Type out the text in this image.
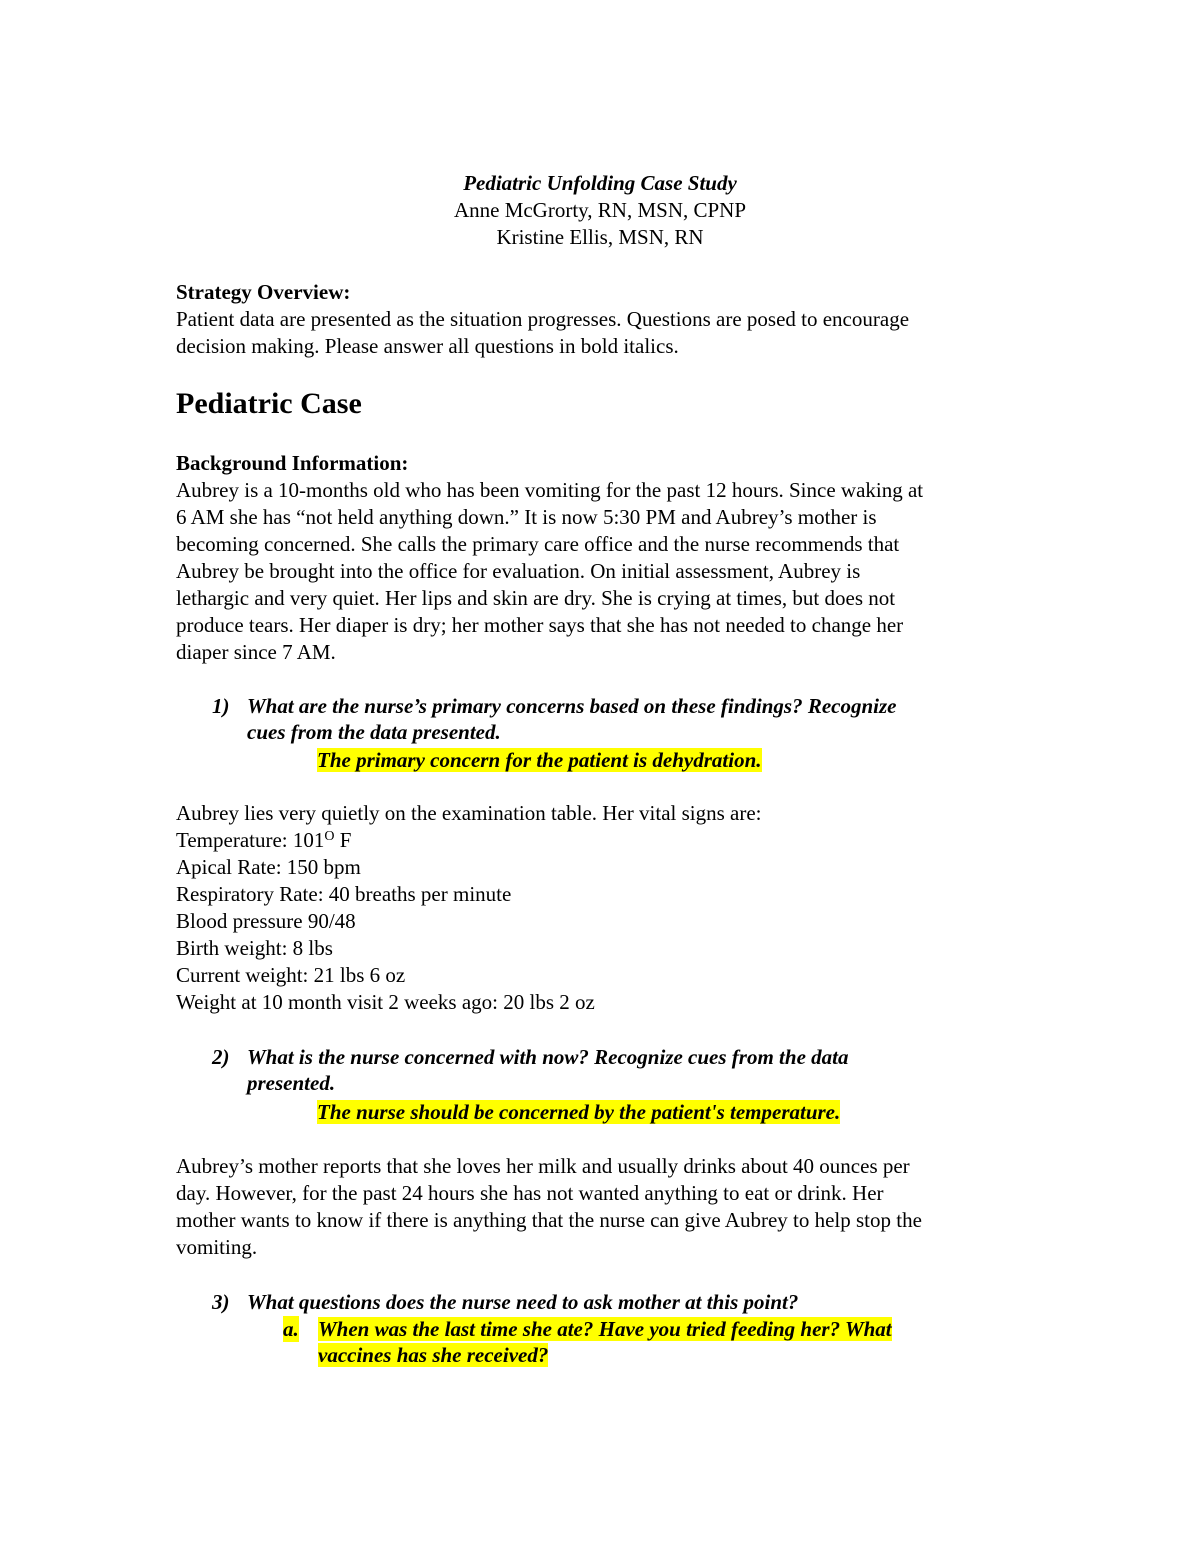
Pediatric Unfolding Case Study
Anne McGrorty, RN, MSN, CPNP
Kristine Ellis, MSN, RN
Strategy Overview:
Patient data are presented as the situation progresses. Questions are posed to encourage
decision making. Please answer all questions in bold italics.
Pediatric Case
Background Information:
Aubrey is a 10-months old who has been vomiting for the past 12 hours. Since waking at
6 AM she has “not held anything down.” It is now 5:30 PM and Aubrey’s mother is
becoming concerned. She calls the primary care office and the nurse recommends that
Aubrey be brought into the office for evaluation. On initial assessment, Aubrey is
lethargic and very quiet. Her lips and skin are dry. She is crying at times, but does not
produce tears. Her diaper is dry; her mother says that she has not needed to change her
diaper since 7 AM.
1) What are the nurse’s primary concerns based on these findings? Recognize
cues from the data presented.
The primary concern for the patient is dehydration.
Aubrey lies very quietly on the examination table. Her vital signs are:
Temperature: $101^O$ F
Apical Rate: 150 bpm
Respiratory Rate: 40 breaths per minute
Blood pressure 90/48
Birth weight: 8 lbs
Current weight: 21 lbs 6 oz
Weight at 10 month visit 2 weeks ago: 20 lbs 2 oz
2) What is the nurse concerned with now? Recognize cues from the data
presented.
The nurse should be concerned by the patient's temperature.
Aubrey’s mother reports that she loves her milk and usually drinks about 40 ounces per
day. However, for the past 24 hours she has not wanted anything to eat or drink. Her
mother wants to know if there is anything that the nurse can give Aubrey to help stop the
vomiting.
3) What questions does the nurse need to ask mother at this point?
a. When was the last time she ate? Have you tried feeding her? What
vaccines has she received?
